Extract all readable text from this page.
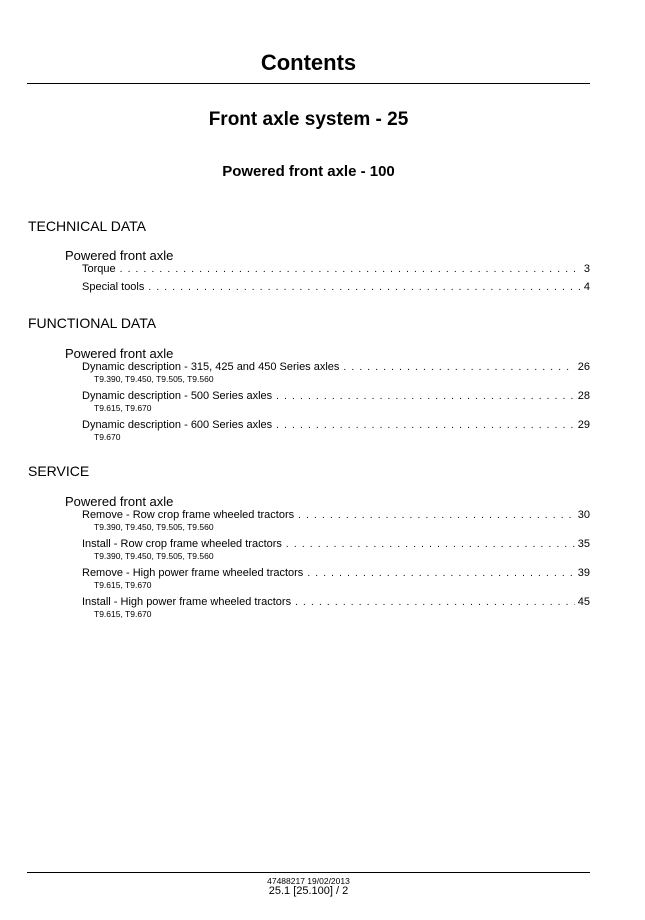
Contents
Front axle system - 25
Powered front axle - 100

TECHNICAL DATA

Powered front axle

Torque . . .	3
Special tools . . .	4

FUNCTIONAL DATA

Powered front axle

Dynamic description - 315, 425 and 450 Series axles . . .	26
T9.390, T9.450, T9.505, T9.560
Dynamic description - 500 Series axles . . .	28
T9.615, T9.670
Dynamic description - 600 Series axles . . .	29
T9.670

SERVICE

Powered front axle

Remove - Row crop frame wheeled tractors . . .	30
T9.390, T9.450, T9.505, T9.560
Install - Row crop frame wheeled tractors . . .	35
T9.390, T9.450, T9.505, T9.560
Remove - High power frame wheeled tractors . . .	39
T9.615, T9.670
Install - High power frame wheeled tractors . . .	45
T9.615, T9.670
47488217 19/02/2013
25.1 [25.100] / 2
